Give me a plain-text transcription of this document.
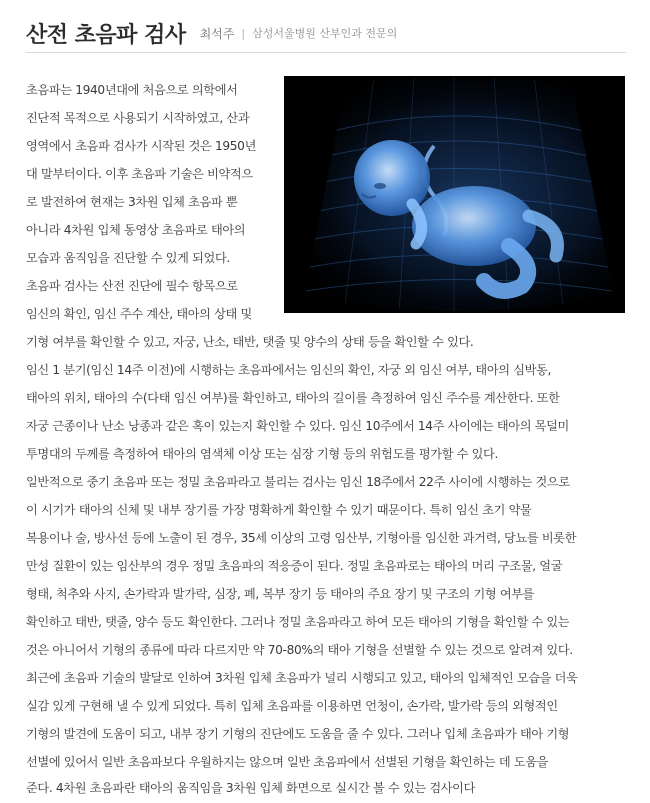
산전 초음파 검사 최석주 | 삼성서울병원 산부인과 전문의
초음파는 1940년대에 처음으로 의학에서
진단적 목적으로 사용되기 시작하였고, 산과
영역에서 초음파 검사가 시작된 것은 1950년
대 말부터이다. 이후 초음파 기술은 비약적으
로 발전하여 현재는 3차원 입체 초음파 뿐
아니라 4차원 입체 동영상 초음파로 태아의
모습과 움직임을 진단할 수 있게 되었다.
초음파 검사는 산전 진단에 필수 항목으로
임신의 확인, 임신 주수 계산, 태아의 상태 및
기형 여부를 확인할 수 있고, 자궁, 난소, 태반, 탯줄 및 양수의 상태 등을 확인할 수 있다.
임신 1 분기(임신 14주 이전)에 시행하는 초음파에서는 임신의 확인, 자궁 외 임신 여부, 태아의 심박동,
태아의 위치, 태아의 수(다태 임신 여부)를 확인하고, 태아의 길이를 측정하여 임신 주수를 계산한다. 또한
자궁 근종이나 난소 낭종과 같은 혹이 있는지 확인할 수 있다. 임신 10주에서 14주 사이에는 태아의 목덜미
투명대의 두께를 측정하여 태아의 염색체 이상 또는 심장 기형 등의 위험도를 평가할 수 있다.
일반적으로 중기 초음파 또는 정밀 초음파라고 불리는 검사는 임신 18주에서 22주 사이에 시행하는 것으로
이 시기가 태아의 신체 및 내부 장기를 가장 명확하게 확인할 수 있기 때문이다. 특히 임신 초기 약물
복용이나 술, 방사선 등에 노출이 된 경우, 35세 이상의 고령 임산부, 기형아를 임신한 과거력, 당뇨를 비롯한
만성 질환이 있는 임산부의 경우 정밀 초음파의 적응증이 된다. 정밀 초음파로는 태아의 머리 구조물, 얼굴
형태, 척추와 사지, 손가락과 발가락, 심장, 폐, 복부 장기 등 태아의 주요 장기 및 구조의 기형 여부를
확인하고 태반, 탯줄, 양수 등도 확인한다. 그러나 정밀 초음파라고 하여 모든 태아의 기형을 확인할 수 있는
것은 아니어서 기형의 종류에 따라 다르지만 약 70-80%의 태아 기형을 선별할 수 있는 것으로 알려져 있다.
최근에 초음파 기술의 발달로 인하여 3차원 입체 초음파가 널리 시행되고 있고, 태아의 입체적인 모습을 더욱
실감 있게 구현해 낼 수 있게 되었다. 특히 입체 초음파를 이용하면 언청이, 손가락, 발가락 등의 외형적인
기형의 발견에 도움이 되고, 내부 장기 기형의 진단에도 도움을 줄 수 있다. 그러나 입체 초음파가 태아 기형
선별에 있어서 일반 초음파보다 우월하지는 않으며 일반 초음파에서 선별된 기형을 확인하는 데 도움을
준다. 4차원 초음파란 태아의 움직임을 3차원 입체 화면으로 실시간 볼 수 있는 검사이다
